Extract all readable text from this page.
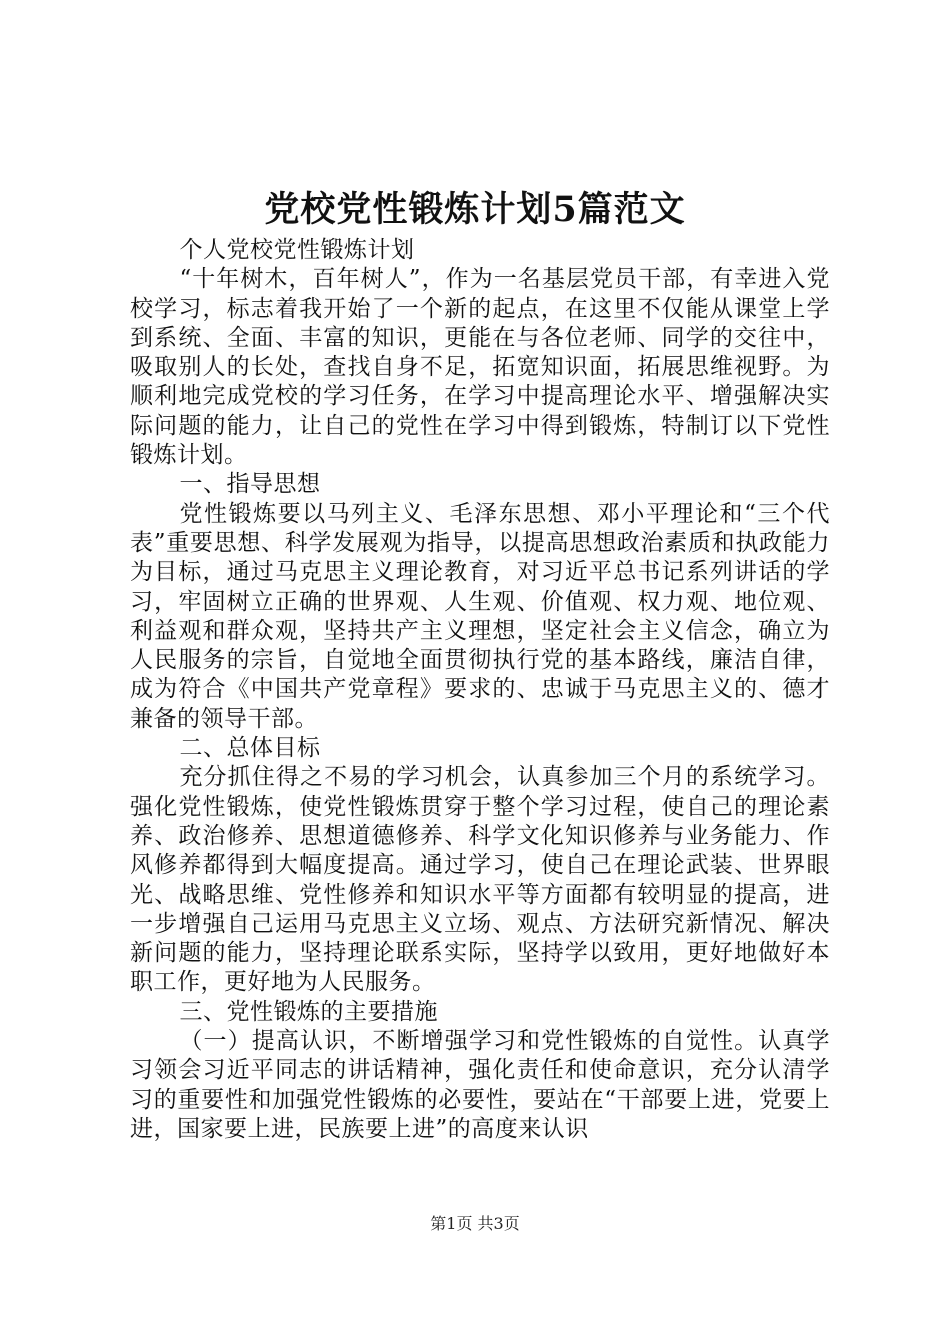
党校党性锻炼计划5篇范文

个人党校党性锻炼计划

“十年树木，百年树人”，作为一名基层党员干部，有幸进入党校学习，标志着我开始了一个新的起点，在这里不仅能从课堂上学到系统、全面、丰富的知识，更能在与各位老师、同学的交往中，吸取别人的长处，查找自身不足，拓宽知识面，拓展思维视野。为顺利地完成党校的学习任务，在学习中提高理论水平、增强解决实际问题的能力，让自己的党性在学习中得到锻炼，特制订以下党性锻炼计划。

一、指导思想

党性锻炼要以马列主义、毛泽东思想、邓小平理论和“三个代表”重要思想、科学发展观为指导，以提高思想政治素质和执政能力为目标，通过马克思主义理论教育，对习近平总书记系列讲话的学习，牢固树立正确的世界观、人生观、价值观、权力观、地位观、利益观和群众观，坚持共产主义理想，坚定社会主义信念，确立为人民服务的宗旨，自觉地全面贯彻执行党的基本路线，廉洁自律，成为符合《中国共产党章程》要求的、忠诚于马克思主义的、德才兼备的领导干部。

二、总体目标

充分抓住得之不易的学习机会，认真参加三个月的系统学习。强化党性锻炼，使党性锻炼贯穿于整个学习过程，使自己的理论素养、政治修养、思想道德修养、科学文化知识修养与业务能力、作风修养都得到大幅度提高。通过学习，使自己在理论武装、世界眼光、战略思维、党性修养和知识水平等方面都有较明显的提高，进一步增强自己运用马克思主义立场、观点、方法研究新情况、解决新问题的能力，坚持理论联系实际，坚持学以致用，更好地做好本职工作，更好地为人民服务。

三、党性锻炼的主要措施

（一）提高认识，不断增强学习和党性锻炼的自觉性。认真学习领会习近平同志的讲话精神，强化责任和使命意识，充分认清学习的重要性和加强党性锻炼的必要性，要站在“干部要上进，党要上进，国家要上进，民族要上进”的高度来认识

第1页 共3页
